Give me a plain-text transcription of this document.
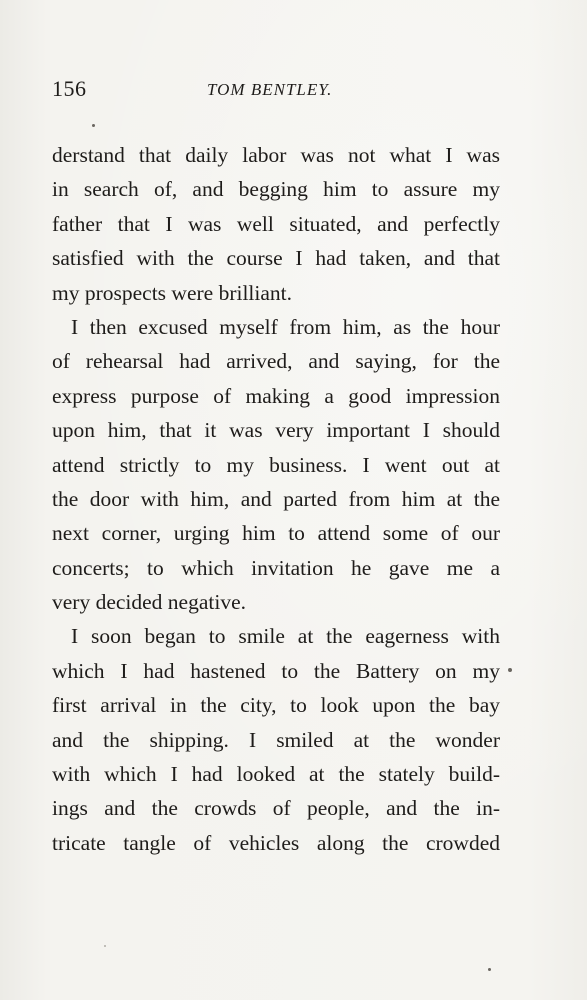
156	TOM BENTLEY.
derstand that daily labor was not what I was
in search of, and begging him to assure my
father that I was well situated, and perfectly
satisfied with the course I had taken, and that
my prospects were brilliant.
I then excused myself from him, as the hour
of rehearsal had arrived, and saying, for the
express purpose of making a good impression
upon him, that it was very important I should
attend strictly to my business. I went out at
the door with him, and parted from him at the
next corner, urging him to attend some of our
concerts; to which invitation he gave me a
very decided negative.
I soon began to smile at the eagerness with
which I had hastened to the Battery on my
first arrival in the city, to look upon the bay
and the shipping. I smiled at the wonder
with which I had looked at the stately build-
ings and the crowds of people, and the in-
tricate tangle of vehicles along the crowded
